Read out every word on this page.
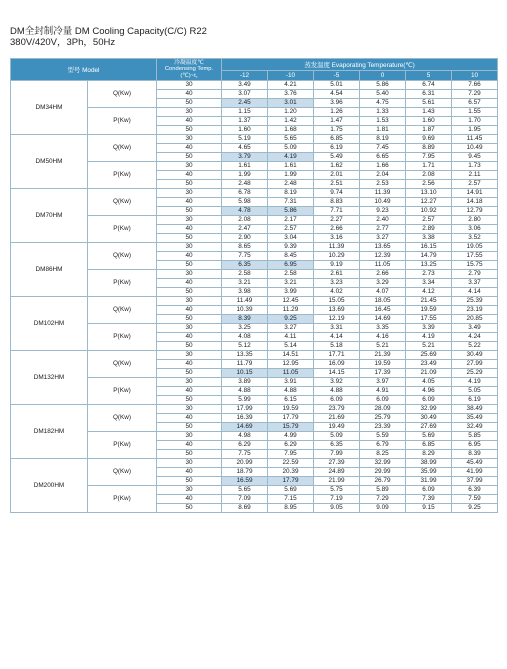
DM全封制冷量 DM Cooling Capacity(C/C) R22
380V/420V，3Ph，50Hz
型号 Model		冷凝温度℃
Condensing Temp.
(℃)~t꜀	蒸发温度 Evaporating Temperature(℃)					
			-12	-10	-5	0	5	10
DM34HM	Q(Kw)	30	3.49	4.21	5.01	5.86	6.74	7.66
		40	3.07	3.76	4.54	5.40	6.31	7.29
		50	2.45	3.01	3.96	4.75	5.61	6.57
	P(Kw)	30	1.15	1.20	1.26	1.33	1.43	1.55
		40	1.37	1.42	1.47	1.53	1.60	1.70
		50	1.60	1.68	1.75	1.81	1.87	1.95
DM50HM	Q(Kw)	30	5.19	5.65	6.85	8.19	9.69	11.45
		40	4.65	5.09	6.19	7.45	8.89	10.49
		50	3.79	4.19	5.49	6.65	7.95	9.45
	P(Kw)	30	1.61	1.61	1.62	1.66	1.71	1.73
		40	1.99	1.99	2.01	2.04	2.08	2.11
		50	2.48	2.48	2.51	2.53	2.56	2.57
DM70HM	Q(Kw)	30	6.78	8.19	9.74	11.39	13.10	14.91
		40	5.98	7.31	8.83	10.49	12.27	14.18
		50	4.78	5.86	7.71	9.23	10.92	12.79
	P(Kw)	30	2.08	2.17	2.27	2.40	2.57	2.80
		40	2.47	2.57	2.66	2.77	2.89	3.06
		50	2.90	3.04	3.16	3.27	3.38	3.52
DM86HM	Q(Kw)	30	8.65	9.39	11.39	13.65	16.15	19.05
		40	7.75	8.45	10.29	12.39	14.79	17.55
		50	6.35	6.95	9.19	11.05	13.25	15.75
	P(Kw)	30	2.58	2.58	2.61	2.66	2.73	2.79
		40	3.21	3.21	3.23	3.29	3.34	3.37
		50	3.98	3.99	4.02	4.07	4.12	4.14
DM102HM	Q(Kw)	30	11.49	12.45	15.05	18.05	21.45	25.39
		40	10.39	11.29	13.69	16.45	19.59	23.19
		50	8.39	9.25	12.19	14.69	17.55	20.85
	P(Kw)	30	3.25	3.27	3.31	3.35	3.39	3.49
		40	4.08	4.11	4.14	4.16	4.19	4.24
		50	5.12	5.14	5.18	5.21	5.21	5.22
DM132HM	Q(Kw)	30	13.35	14.51	17.71	21.39	25.69	30.49
		40	11.79	12.95	16.09	19.59	23.49	27.99
		50	10.15	11.05	14.15	17.39	21.09	25.29
	P(Kw)	30	3.89	3.91	3.92	3.97	4.05	4.19
		40	4.88	4.88	4.88	4.91	4.96	5.05
		50	5.99	6.15	6.09	6.09	6.09	6.19
DM182HM	Q(Kw)	30	17.99	19.59	23.79	28.09	32.99	38.49
		40	16.39	17.79	21.69	25.79	30.49	35.49
		50	14.69	15.79	19.49	23.39	27.69	32.49
	P(Kw)	30	4.98	4.99	5.09	5.59	5.69	5.85
		40	6.29	6.29	6.35	6.79	6.85	6.95
		50	7.75	7.95	7.99	8.25	8.29	8.39
DM200HM	Q(Kw)	30	20.99	22.59	27.39	32.99	38.99	45.49
		40	18.79	20.39	24.89	29.99	35.99	41.99
		50	16.59	17.79	21.99	26.79	31.99	37.99
	P(Kw)	30	5.65	5.69	5.75	5.89	6.09	6.39
		40	7.09	7.15	7.19	7.29	7.39	7.59
		50	8.69	8.95	9.05	9.09	9.15	9.25
